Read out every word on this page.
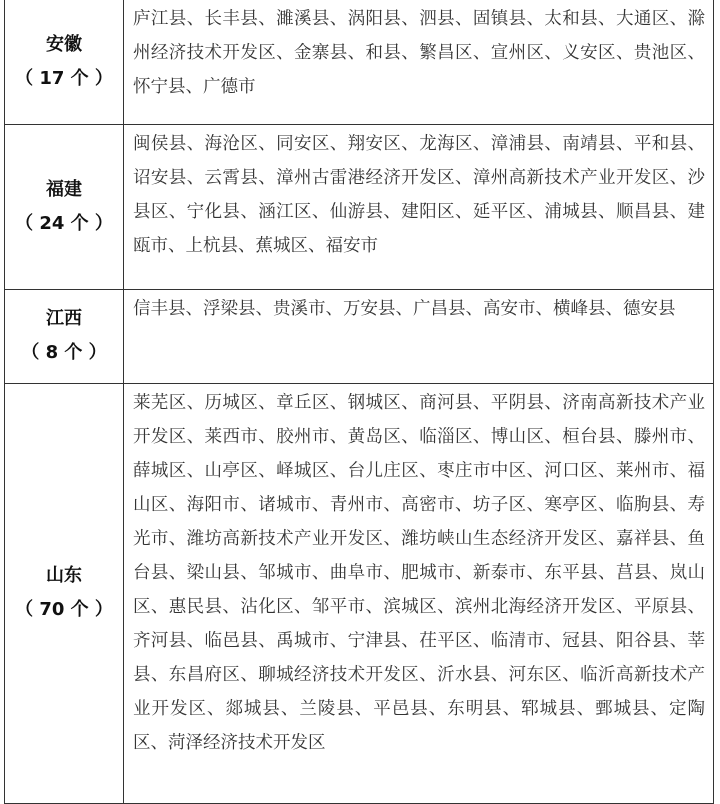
安徽
（ 17 个 ）	庐江县、长丰县、濉溪县、涡阳县、泗县、固镇县、太和县、大通区、滁州经济技术开发区、金寨县、和县、繁昌区、宣州区、义安区、贵池区、怀宁县、广德市

福建
（ 24 个 ）	闽侯县、海沧区、同安区、翔安区、龙海区、漳浦县、南靖县、平和县、诏安县、云霄县、漳州古雷港经济开发区、漳州高新技术产业开发区、沙县区、宁化县、涵江区、仙游县、建阳区、延平区、浦城县、顺昌县、建瓯市、上杭县、蕉城区、福安市

江西
（ 8 个 ）	信丰县、浮梁县、贵溪市、万安县、广昌县、高安市、横峰县、德安县

山东
（ 70 个 ）	莱芜区、历城区、章丘区、钢城区、商河县、平阴县、济南高新技术产业开发区、莱西市、胶州市、黄岛区、临淄区、博山区、桓台县、滕州市、薛城区、山亭区、峄城区、台儿庄区、枣庄市中区、河口区、莱州市、福山区、海阳市、诸城市、青州市、高密市、坊子区、寒亭区、临朐县、寿光市、潍坊高新技术产业开发区、潍坊峡山生态经济开发区、嘉祥县、鱼台县、梁山县、邹城市、曲阜市、肥城市、新泰市、东平县、莒县、岚山区、惠民县、沾化区、邹平市、滨城区、滨州北海经济开发区、平原县、齐河县、临邑县、禹城市、宁津县、茌平区、临清市、冠县、阳谷县、莘县、东昌府区、聊城经济技术开发区、沂水县、河东区、临沂高新技术产业开发区、郯城县、兰陵县、平邑县、东明县、郓城县、鄄城县、定陶区、菏泽经济技术开发区
